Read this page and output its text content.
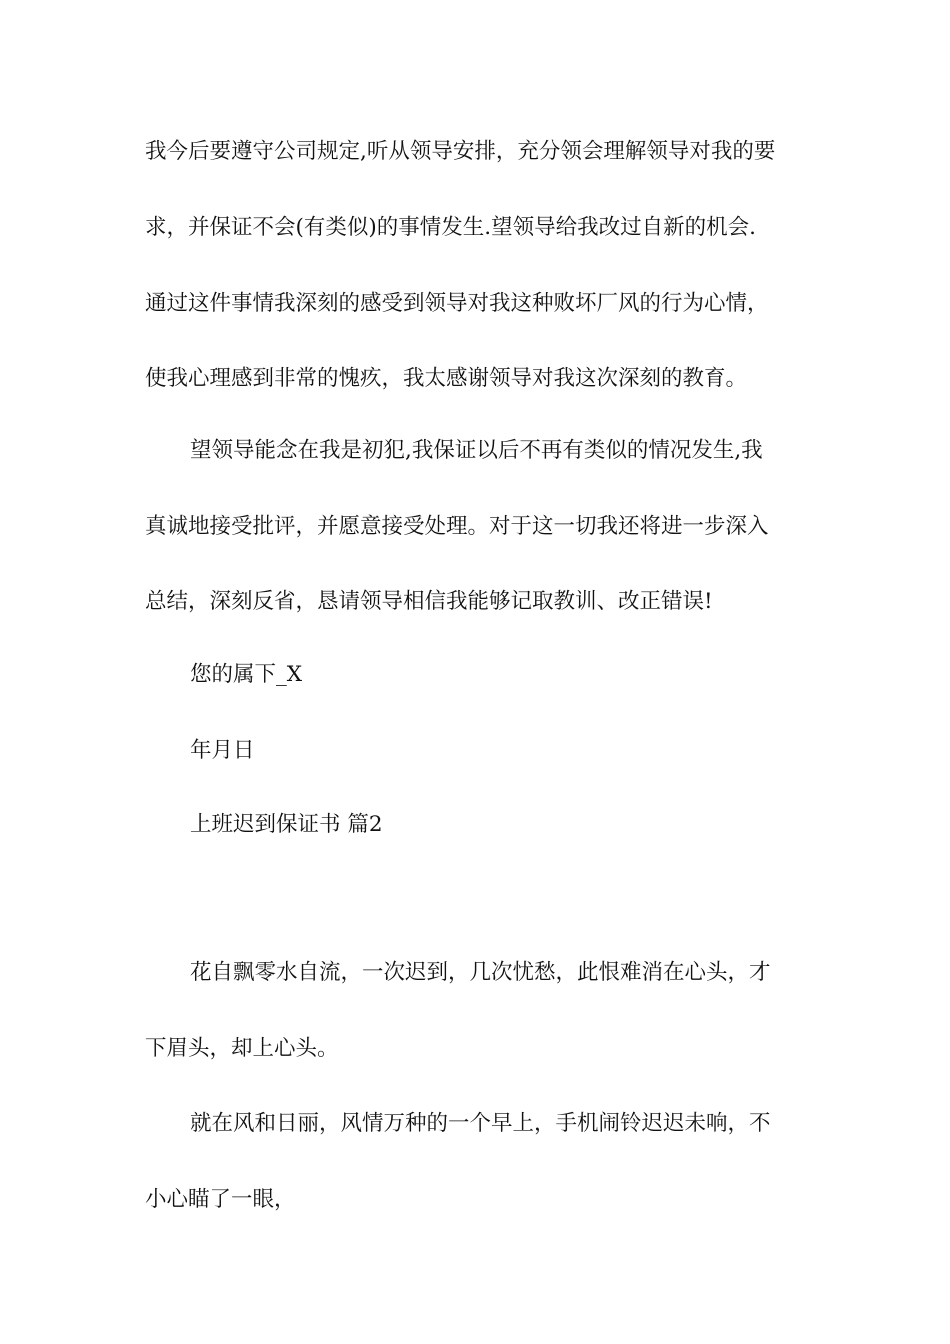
我今后要遵守公司规定,听从领导安排，充分领会理解领导对我的要
求，并保证不会(有类似)的事情发生.望领导给我改过自新的机会.
通过这件事情我深刻的感受到领导对我这种败坏厂风的行为心情，
使我心理感到非常的愧疚，我太感谢领导对我这次深刻的教育。
望领导能念在我是初犯,我保证以后不再有类似的情况发生,我
真诚地接受批评，并愿意接受处理。对于这一切我还将进一步深入
总结，深刻反省，恳请领导相信我能够记取教训、改正错误!
您的属下_X
年月日
上班迟到保证书 篇2
花自飘零水自流，一次迟到，几次忧愁，此恨难消在心头，才
下眉头，却上心头。
就在风和日丽，风情万种的一个早上，手机闹铃迟迟未响，不
小心瞄了一眼，
